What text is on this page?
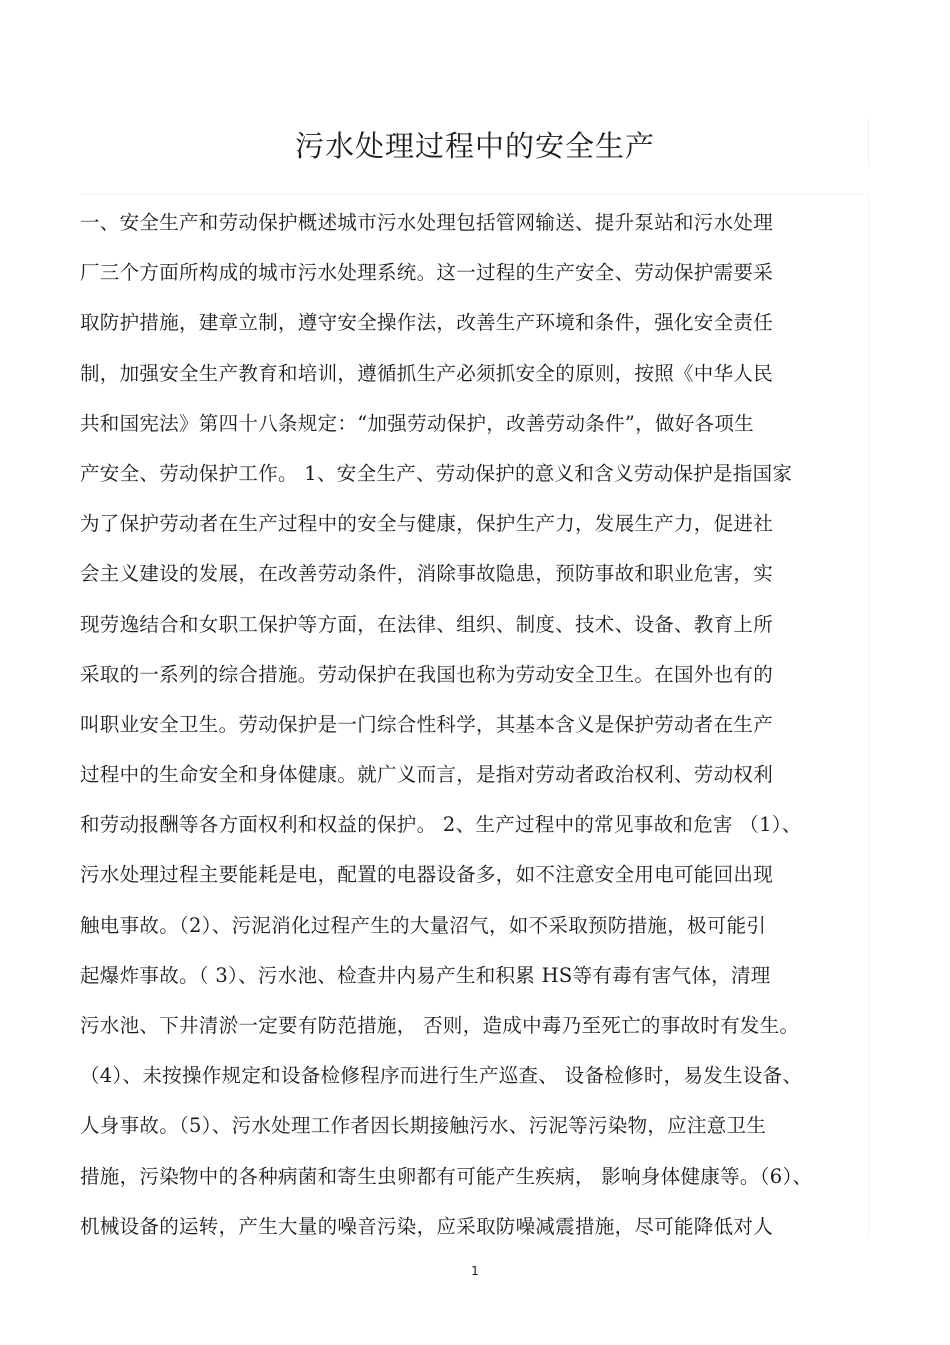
污水处理过程中的安全生产
一、安全生产和劳动保护概述城市污水处理包括管网输送、提升泵站和污水处理
厂三个方面所构成的城市污水处理系统。这一过程的生产安全、劳动保护需要采
取防护措施，建章立制，遵守安全操作法，改善生产环境和条件，强化安全责任
制，加强安全生产教育和培训，遵循抓生产必须抓安全的原则，按照《中华人民
共和国宪法》第四十八条规定：“加强劳动保护，改善劳动条件”，做好各项生
产安全、劳动保护工作。 1、安全生产、劳动保护的意义和含义劳动保护是指国家
为了保护劳动者在生产过程中的安全与健康，保护生产力，发展生产力，促进社
会主义建设的发展，在改善劳动条件，消除事故隐患，预防事故和职业危害，实
现劳逸结合和女职工保护等方面，在法律、组织、制度、技术、设备、教育上所
采取的一系列的综合措施。劳动保护在我国也称为劳动安全卫生。在国外也有的
叫职业安全卫生。劳动保护是一门综合性科学，其基本含义是保护劳动者在生产
过程中的生命安全和身体健康。就广义而言，是指对劳动者政治权利、劳动权利
和劳动报酬等各方面权利和权益的保护。 2、生产过程中的常见事故和危害 （1）、
污水处理过程主要能耗是电，配置的电器设备多，如不注意安全用电可能回出现
触电事故。（2）、污泥消化过程产生的大量沼气，如不采取预防措施，极可能引
起爆炸事故。（ 3）、污水池、检查井内易产生和积累 HS等有毒有害气体，清理
污水池、下井清淤一定要有防范措施， 否则，造成中毒乃至死亡的事故时有发生。
（4）、未按操作规定和设备检修程序而进行生产巡查、 设备检修时，易发生设备、
人身事故。（5）、污水处理工作者因长期接触污水、污泥等污染物，应注意卫生
措施，污染物中的各种病菌和寄生虫卵都有可能产生疾病， 影响身体健康等。（6）、
机械设备的运转，产生大量的噪音污染，应采取防噪减震措施，尽可能降低对人
1
